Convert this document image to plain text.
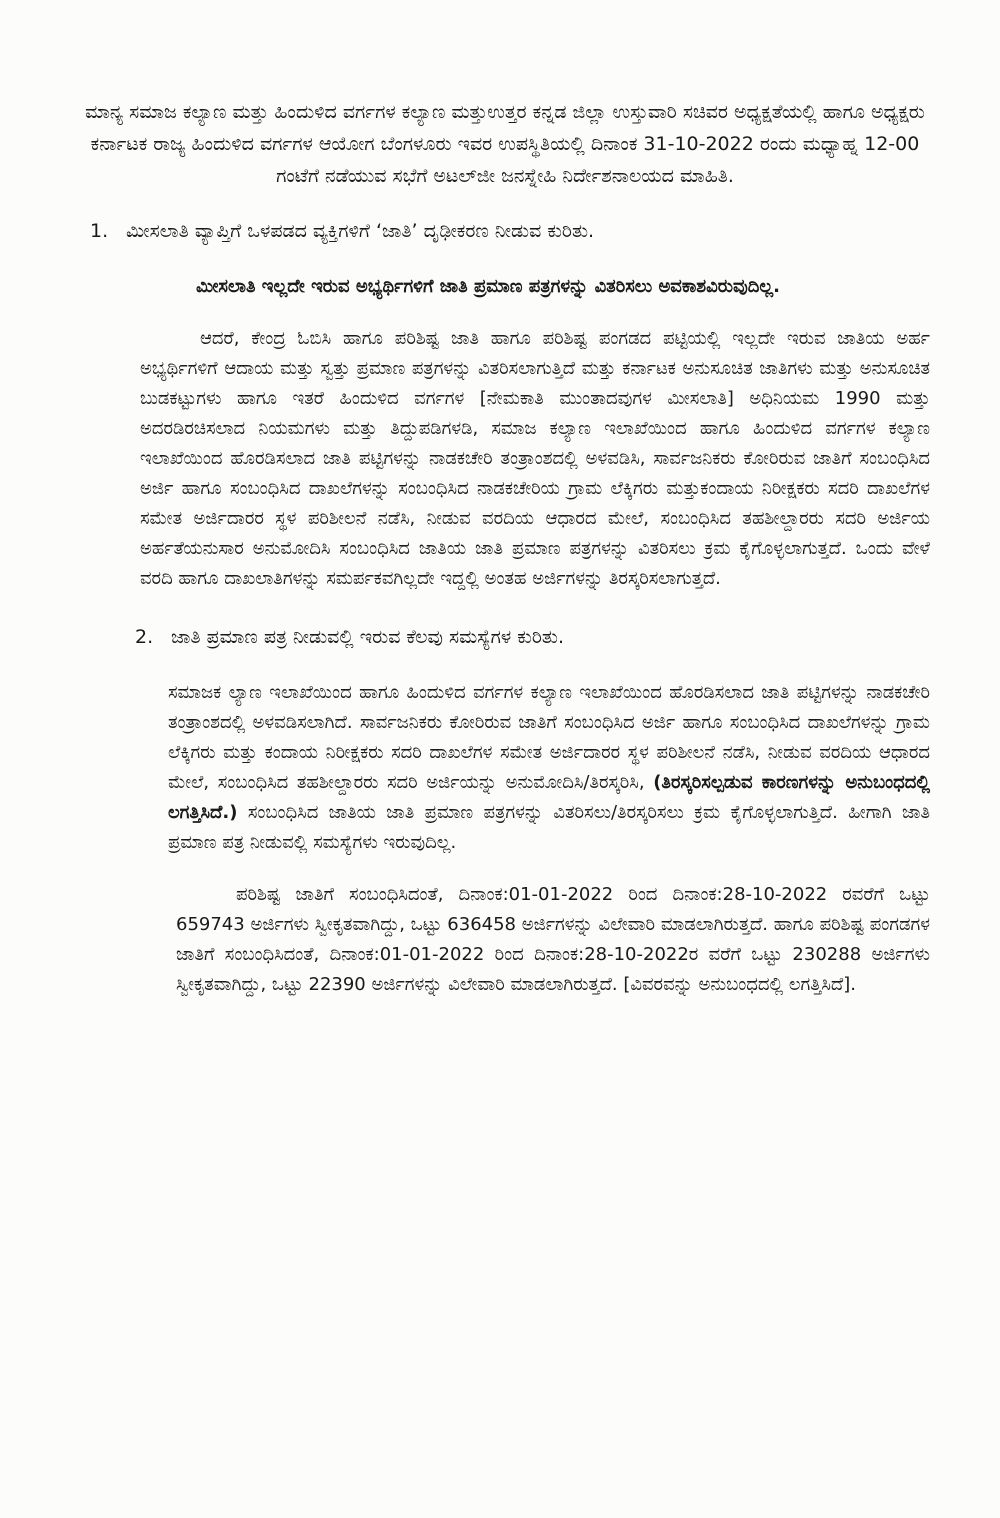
ಮಾನ್ಯ ಸಮಾಜ ಕಲ್ಯಾಣ ಮತ್ತು ಹಿಂದುಳಿದ ವರ್ಗಗಳ ಕಲ್ಯಾಣ ಮತ್ತುಉತ್ತರ ಕನ್ನಡ ಜಿಲ್ಲಾ ಉಸ್ತುವಾರಿ ಸಚಿವರ ಅಧ್ಯಕ್ಷತೆಯಲ್ಲಿ ಹಾಗೂ ಅಧ್ಯಕ್ಷರು ಕರ್ನಾಟಕ ರಾಜ್ಯ ಹಿಂದುಳಿದ ವರ್ಗಗಳ ಆಯೋಗ ಬೆಂಗಳೂರು ಇವರ ಉಪಸ್ಥಿತಿಯಲ್ಲಿ ದಿನಾಂಕ 31-10-2022 ರಂದು ಮಧ್ಯಾಹ್ನ 12-00 ಗಂಟೆಗೆ ನಡೆಯುವ ಸಭೆಗೆ ಅಟಲ್‌ಜೀ ಜನಸ್ನೇಹಿ ನಿರ್ದೇಶನಾಲಯದ ಮಾಹಿತಿ.

1. ಮೀಸಲಾತಿ ವ್ಯಾಪ್ತಿಗೆ ಒಳಪಡದ ವ್ಯಕ್ತಿಗಳಿಗೆ ‘ಜಾತಿ’ ದೃಢೀಕರಣ ನೀಡುವ ಕುರಿತು.

ಮೀಸಲಾತಿ ಇಲ್ಲದೇ ಇರುವ ಅಭ್ಯರ್ಥಿಗಳಿಗೆ ಜಾತಿ ಪ್ರಮಾಣ ಪತ್ರಗಳನ್ನು ವಿತರಿಸಲು ಅವಕಾಶವಿರುವುದಿಲ್ಲ.

ಆದರೆ, ಕೇಂದ್ರ ಓಬಿಸಿ ಹಾಗೂ ಪರಿಶಿಷ್ಟ ಜಾತಿ ಹಾಗೂ ಪರಿಶಿಷ್ಟ ಪಂಗಡದ ಪಟ್ಟಿಯಲ್ಲಿ ಇಲ್ಲದೇ ಇರುವ ಜಾತಿಯ ಅರ್ಹ ಅಭ್ಯರ್ಥಿಗಳಿಗೆ ಆದಾಯ ಮತ್ತು ಸ್ವತ್ತು ಪ್ರಮಾಣ ಪತ್ರಗಳನ್ನು ವಿತರಿಸಲಾಗುತ್ತಿದೆ ಮತ್ತು ಕರ್ನಾಟಕ ಅನುಸೂಚಿತ ಜಾತಿಗಳು ಮತ್ತು ಅನುಸೂಚಿತ ಬುಡಕಟ್ಟುಗಳು ಹಾಗೂ ಇತರೆ ಹಿಂದುಳಿದ ವರ್ಗಗಳ [ನೇಮಕಾತಿ ಮುಂತಾದವುಗಳ ಮೀಸಲಾತಿ] ಅಧಿನಿಯಮ 1990 ಮತ್ತು ಅದರಡಿರಚಿಸಲಾದ ನಿಯಮಗಳು ಮತ್ತು ತಿದ್ದುಪಡಿಗಳಡಿ, ಸಮಾಜ ಕಲ್ಯಾಣ ಇಲಾಖೆಯಿಂದ ಹಾಗೂ ಹಿಂದುಳಿದ ವರ್ಗಗಳ ಕಲ್ಯಾಣ ಇಲಾಖೆಯಿಂದ ಹೊರಡಿಸಲಾದ ಜಾತಿ ಪಟ್ಟಿಗಳನ್ನು ನಾಡಕಚೇರಿ ತಂತ್ರಾಂಶದಲ್ಲಿ ಅಳವಡಿಸಿ, ಸಾರ್ವಜನಿಕರು ಕೋರಿರುವ ಜಾತಿಗೆ ಸಂಬಂಧಿಸಿದ ಅರ್ಜಿ ಹಾಗೂ ಸಂಬಂಧಿಸಿದ ದಾಖಲೆಗಳನ್ನು ಸಂಬಂಧಿಸಿದ ನಾಡಕಚೇರಿಯ ಗ್ರಾಮ ಲೆಕ್ಕಿಗರು ಮತ್ತುಕಂದಾಯ ನಿರೀಕ್ಷಕರು ಸದರಿ ದಾಖಲೆಗಳ ಸಮೇತ ಅರ್ಜಿದಾರರ ಸ್ಥಳ ಪರಿಶೀಲನೆ ನಡೆಸಿ, ನೀಡುವ ವರದಿಯ ಆಧಾರದ ಮೇಲೆ, ಸಂಬಂಧಿಸಿದ ತಹಶೀಲ್ದಾರರು ಸದರಿ ಅರ್ಜಿಯ ಅರ್ಹತೆಯನುಸಾರ ಅನುಮೋದಿಸಿ ಸಂಬಂಧಿಸಿದ ಜಾತಿಯ ಜಾತಿ ಪ್ರಮಾಣ ಪತ್ರಗಳನ್ನು ವಿತರಿಸಲು ಕ್ರಮ ಕೈಗೊಳ್ಳಲಾಗುತ್ತದೆ. ಒಂದು ವೇಳೆ ವರದಿ ಹಾಗೂ ದಾಖಲಾತಿಗಳನ್ನು ಸಮರ್ಪಕವಗಿಲ್ಲದೇ ಇದ್ದಲ್ಲಿ ಅಂತಹ ಅರ್ಜಿಗಳನ್ನು ತಿರಸ್ಕರಿಸಲಾಗುತ್ತದೆ.

2. ಜಾತಿ ಪ್ರಮಾಣ ಪತ್ರ ನೀಡುವಲ್ಲಿ ಇರುವ ಕೆಲವು ಸಮಸ್ಯೆಗಳ ಕುರಿತು.

ಸಮಾಜಕ ಲ್ಯಾಣ ಇಲಾಖೆಯಿಂದ ಹಾಗೂ ಹಿಂದುಳಿದ ವರ್ಗಗಳ ಕಲ್ಯಾಣ ಇಲಾಖೆಯಿಂದ ಹೊರಡಿಸಲಾದ ಜಾತಿ ಪಟ್ಟಿಗಳನ್ನು ನಾಡಕಚೇರಿ ತಂತ್ರಾಂಶದಲ್ಲಿ ಅಳವಡಿಸಲಾಗಿದೆ. ಸಾರ್ವಜನಿಕರು ಕೋರಿರುವ ಜಾತಿಗೆ ಸಂಬಂಧಿಸಿದ ಅರ್ಜಿ ಹಾಗೂ ಸಂಬಂಧಿಸಿದ ದಾಖಲೆಗಳನ್ನು ಗ್ರಾಮ ಲೆಕ್ಕಿಗರು ಮತ್ತು ಕಂದಾಯ ನಿರೀಕ್ಷಕರು ಸದರಿ ದಾಖಲೆಗಳ ಸಮೇತ ಅರ್ಜಿದಾರರ ಸ್ಥಳ ಪರಿಶೀಲನೆ ನಡೆಸಿ, ನೀಡುವ ವರದಿಯ ಆಧಾರದ ಮೇಲೆ, ಸಂಬಂಧಿಸಿದ ತಹಶೀಲ್ದಾರರು ಸದರಿ ಅರ್ಜಿಯನ್ನು ಅನುಮೋದಿಸಿ/ತಿರಸ್ಕರಿಸಿ, (ತಿರಸ್ಕರಿಸಲ್ಪಡುವ ಕಾರಣಗಳನ್ನು ಅನುಬಂಧದಲ್ಲಿ ಲಗತ್ತಿಸಿದೆ.) ಸಂಬಂಧಿಸಿದ ಜಾತಿಯ ಜಾತಿ ಪ್ರಮಾಣ ಪತ್ರಗಳನ್ನು ವಿತರಿಸಲು/ತಿರಸ್ಕರಿಸಲು ಕ್ರಮ ಕೈಗೊಳ್ಳಲಾಗುತ್ತಿದೆ. ಹೀಗಾಗಿ ಜಾತಿ ಪ್ರಮಾಣ ಪತ್ರ ನೀಡುವಲ್ಲಿ ಸಮಸ್ಯೆಗಳು ಇರುವುದಿಲ್ಲ.

ಪರಿಶಿಷ್ಟ ಜಾತಿಗೆ ಸಂಬಂಧಿಸಿದಂತೆ, ದಿನಾಂಕ:01-01-2022 ರಿಂದ ದಿನಾಂಕ:28-10-2022 ರವರೆಗೆ ಒಟ್ಟು 659743 ಅರ್ಜಿಗಳು ಸ್ವೀಕೃತವಾಗಿದ್ದು, ಒಟ್ಟು 636458 ಅರ್ಜಿಗಳನ್ನು ವಿಲೇವಾರಿ ಮಾಡಲಾಗಿರುತ್ತದೆ. ಹಾಗೂ ಪರಿಶಿಷ್ಟ ಪಂಗಡಗಳ ಜಾತಿಗೆ ಸಂಬಂಧಿಸಿದಂತೆ, ದಿನಾಂಕ:01-01-2022 ರಿಂದ ದಿನಾಂಕ:28-10-2022ರ ವರೆಗೆ ಒಟ್ಟು 230288 ಅರ್ಜಿಗಳು ಸ್ವೀಕೃತವಾಗಿದ್ದು, ಒಟ್ಟು 22390 ಅರ್ಜಿಗಳನ್ನು ವಿಲೇವಾರಿ ಮಾಡಲಾಗಿರುತ್ತದೆ. [ವಿವರವನ್ನು ಅನುಬಂಧದಲ್ಲಿ ಲಗತ್ತಿಸಿದೆ].
